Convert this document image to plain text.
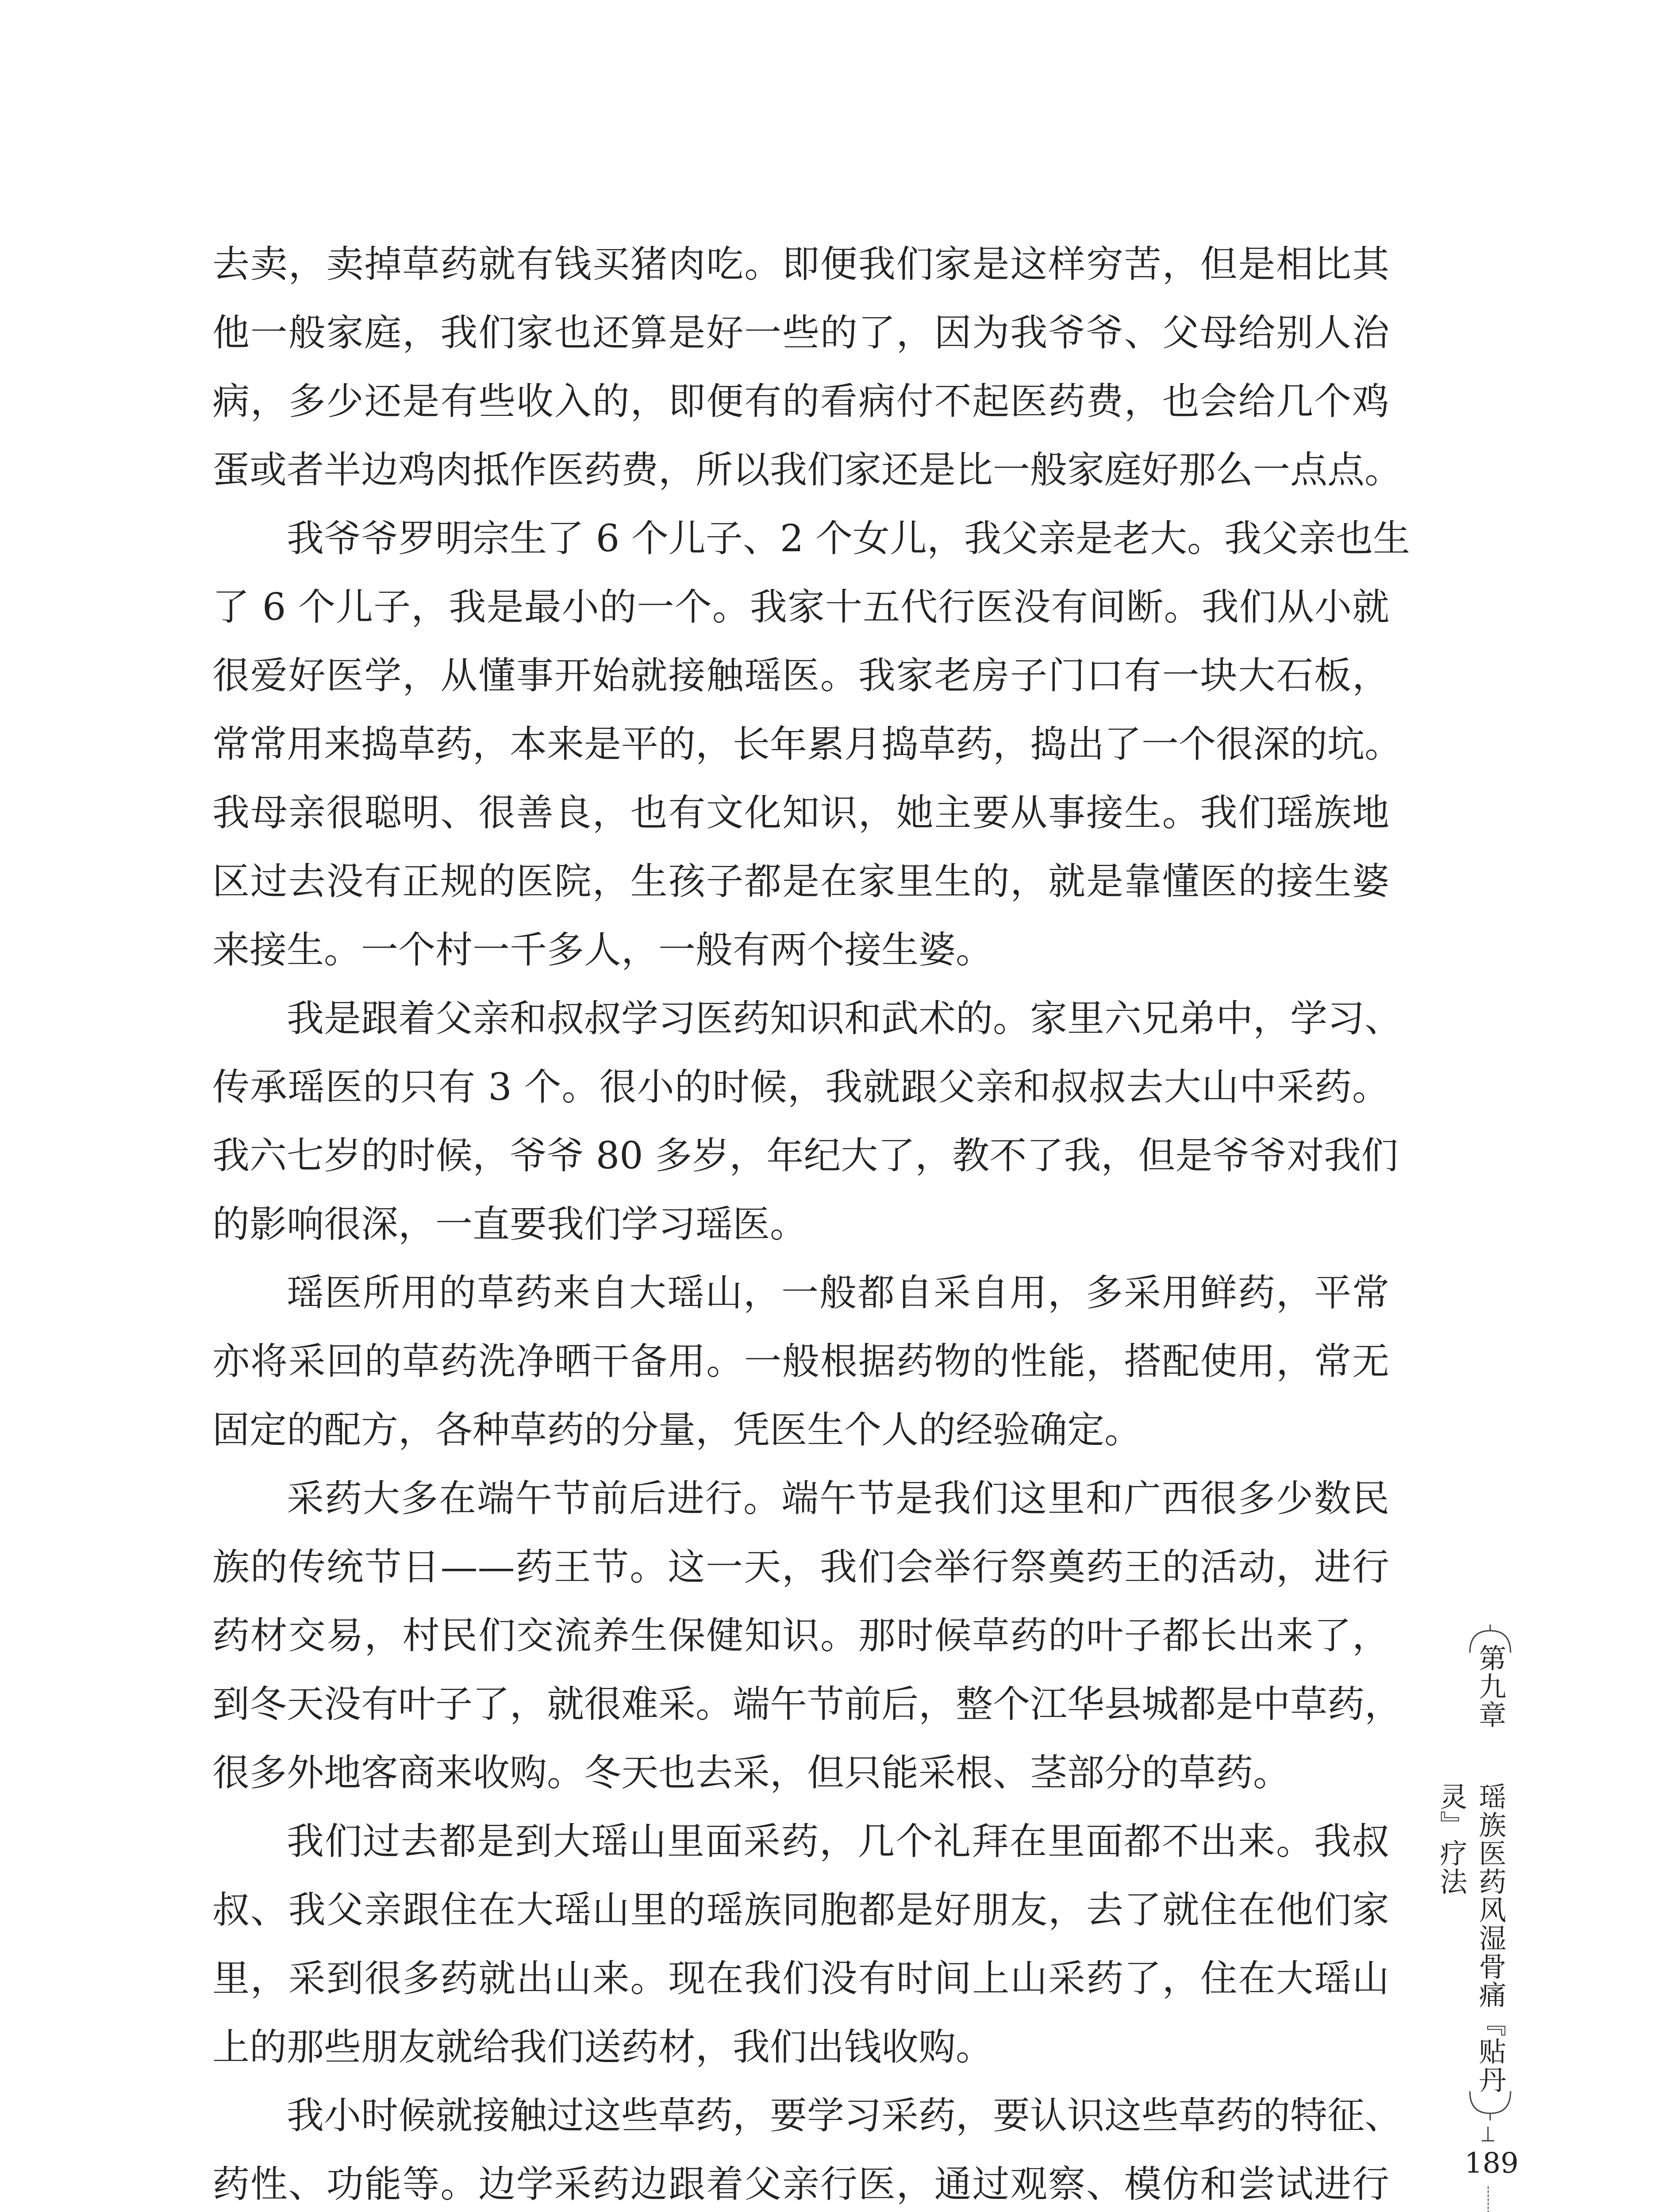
去卖，卖掉草药就有钱买猪肉吃。即便我们家是这样穷苦，但是相比其

他一般家庭，我们家也还算是好一些的了，因为我爷爷、父母给别人治

病，多少还是有些收入的，即便有的看病付不起医药费，也会给几个鸡

蛋或者半边鸡肉抵作医药费，所以我们家还是比一般家庭好那么一点点。

我爷爷罗明宗生了 6 个儿子、2 个女儿，我父亲是老大。我父亲也生

了 6 个儿子，我是最小的一个。我家十五代行医没有间断。我们从小就

很爱好医学，从懂事开始就接触瑶医。我家老房子门口有一块大石板，

常常用来捣草药，本来是平的，长年累月捣草药，捣出了一个很深的坑。

我母亲很聪明、很善良，也有文化知识，她主要从事接生。我们瑶族地

区过去没有正规的医院，生孩子都是在家里生的，就是靠懂医的接生婆

来接生。一个村一千多人，一般有两个接生婆。

我是跟着父亲和叔叔学习医药知识和武术的。家里六兄弟中，学习、

传承瑶医的只有 3 个。很小的时候，我就跟父亲和叔叔去大山中采药。

我六七岁的时候，爷爷 80 多岁，年纪大了，教不了我，但是爷爷对我们

的影响很深，一直要我们学习瑶医。

瑶医所用的草药来自大瑶山，一般都自采自用，多采用鲜药，平常

亦将采回的草药洗净晒干备用。一般根据药物的性能，搭配使用，常无

固定的配方，各种草药的分量，凭医生个人的经验确定。

采药大多在端午节前后进行。端午节是我们这里和广西很多少数民

族的传统节日——药王节。这一天，我们会举行祭奠药王的活动，进行

药材交易，村民们交流养生保健知识。那时候草药的叶子都长出来了，

到冬天没有叶子了，就很难采。端午节前后，整个江华县城都是中草药，

很多外地客商来收购。冬天也去采，但只能采根、茎部分的草药。

我们过去都是到大瑶山里面采药，几个礼拜在里面都不出来。我叔

叔、我父亲跟住在大瑶山里的瑶族同胞都是好朋友，去了就住在他们家

里，采到很多药就出山来。现在我们没有时间上山采药了，住在大瑶山

上的那些朋友就给我们送药材，我们出钱收购。

我小时候就接触过这些草药，要学习采药，要认识这些草药的特征、

药性、功能等。边学采药边跟着父亲行医，通过观察、模仿和尝试进行

第九章
瑶族医药风湿骨痛『贴丹灵』疗法
189
